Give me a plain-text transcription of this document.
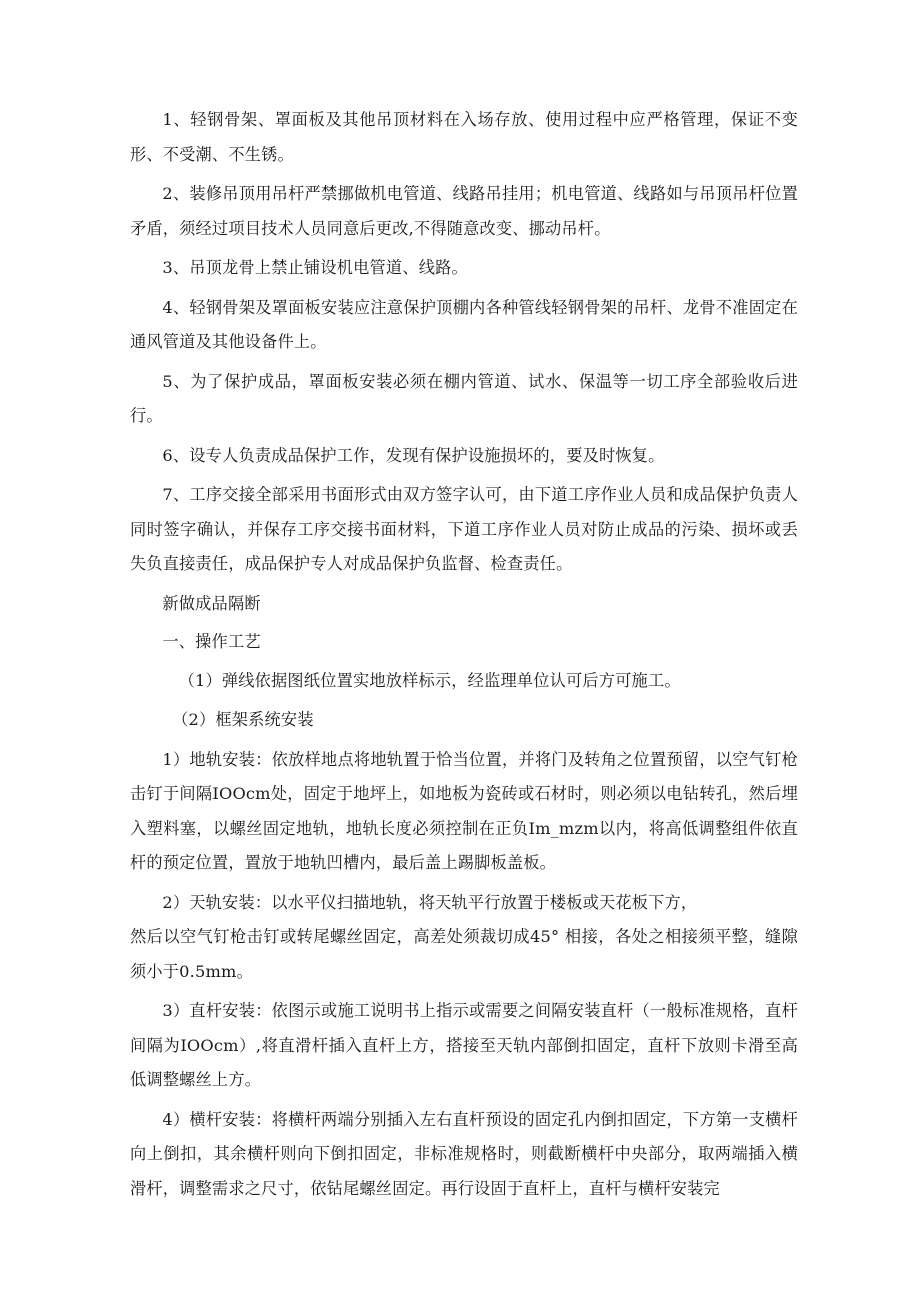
1、轻钢骨架、罩面板及其他吊顶材料在入场存放、使用过程中应严格管理，保证不变形、不受潮、不生锈。

2、装修吊顶用吊杆严禁挪做机电管道、线路吊挂用；机电管道、线路如与吊顶吊杆位置矛盾，须经过项目技术人员同意后更改,不得随意改变、挪动吊杆。

3、吊顶龙骨上禁止铺设机电管道、线路。

4、轻钢骨架及罩面板安装应注意保护顶棚内各种管线轻钢骨架的吊杆、龙骨不准固定在通风管道及其他设备件上。

5、为了保护成品，罩面板安装必须在棚内管道、试水、保温等一切工序全部验收后进行。

6、设专人负责成品保护工作，发现有保护设施损坏的，要及时恢复。

7、工序交接全部采用书面形式由双方签字认可，由下道工序作业人员和成品保护负责人同时签字确认，并保存工序交接书面材料，下道工序作业人员对防止成品的污染、损坏或丢失负直接责任，成品保护专人对成品保护负监督、检查责任。

新做成品隔断

一、操作工艺

（1）弹线依据图纸位置实地放样标示，经监理单位认可后方可施工。

（2）框架系统安装

1）地轨安装：依放样地点将地轨置于恰当位置，并将门及转角之位置预留，以空气钉枪击钉于间隔IOOcm处，固定于地坪上，如地板为瓷砖或石材时，则必须以电钻转孔，然后埋入塑料塞，以螺丝固定地轨，地轨长度必须控制在正负Im_mzm以内，将高低调整组件依直杆的预定位置，置放于地轨凹槽内，最后盖上踢脚板盖板。

2）天轨安装：以水平仪扫描地轨，将天轨平行放置于楼板或天花板下方，

然后以空气钉枪击钉或转尾螺丝固定，高差处须裁切成45° 相接，各处之相接须平整，缝隙须小于0.5mm。

3）直杆安装：依图示或施工说明书上指示或需要之间隔安装直杆（一般标准规格，直杆间隔为IOOcm）,将直滑杆插入直杆上方，搭接至天轨内部倒扣固定，直杆下放则卡滑至高低调整螺丝上方。

4）横杆安装：将横杆两端分别插入左右直杆预设的固定孔内倒扣固定，下方第一支横杆向上倒扣，其余横杆则向下倒扣固定，非标准规格时，则截断横杆中央部分，取两端插入横滑杆，调整需求之尺寸，依钻尾螺丝固定。再行设固于直杆上，直杆与横杆安装完
